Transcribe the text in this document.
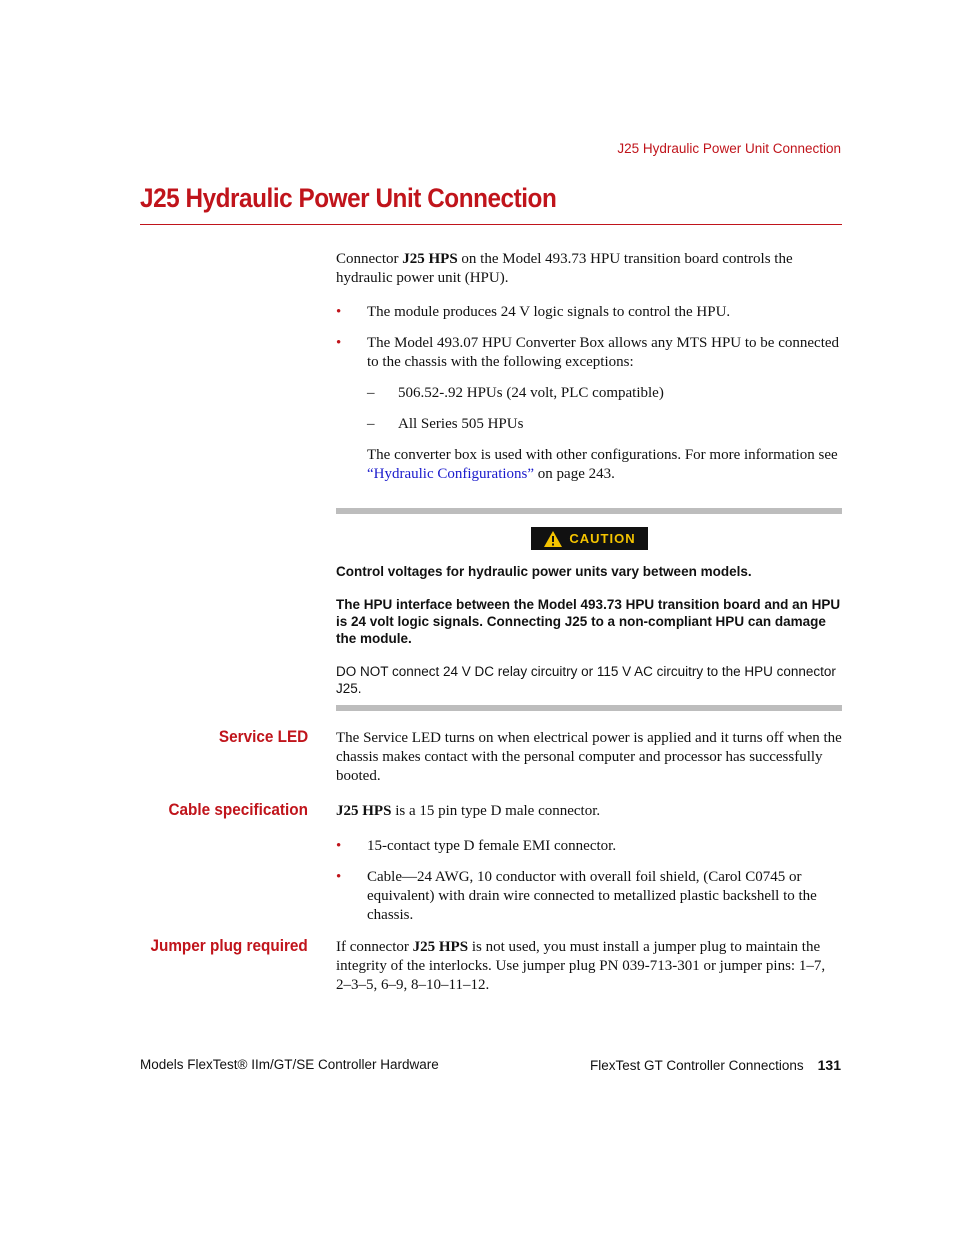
J25 Hydraulic Power Unit Connection
J25 Hydraulic Power Unit Connection

Connector J25 HPS on the Model 493.73 HPU transition board controls the hydraulic power unit (HPU).

• The module produces 24 V logic signals to control the HPU.
• The Model 493.07 HPU Converter Box allows any MTS HPU to be connected to the chassis with the following exceptions:
– 506.52-.92 HPUs (24 volt, PLC compatible)
– All Series 505 HPUs

The converter box is used with other configurations. For more information see “Hydraulic Configurations” on page 243.

CAUTION

Control voltages for hydraulic power units vary between models.

The HPU interface between the Model 493.73 HPU transition board and an HPU is 24 volt logic signals. Connecting J25 to a non-compliant HPU can damage the module.

DO NOT connect 24 V DC relay circuitry or 115 V AC circuitry to the HPU connector J25.

Service LED The Service LED turns on when electrical power is applied and it turns off when the chassis makes contact with the personal computer and processor has successfully booted.

Cable specification J25 HPS is a 15 pin type D male connector.

• 15-contact type D female EMI connector.
• Cable—24 AWG, 10 conductor with overall foil shield, (Carol C0745 or equivalent) with drain wire connected to metallized plastic backshell to the chassis.
Jumper plug required If connector J25 HPS is not used, you must install a jumper plug to maintain the integrity of the interlocks. Use jumper plug PN 039-713-301 or jumper pins: 1–7, 2–3–5, 6–9, 8–10–11–12.

Models FlexTest® IIm/GT/SE Controller Hardware	FlexTest GT Controller Connections 131
